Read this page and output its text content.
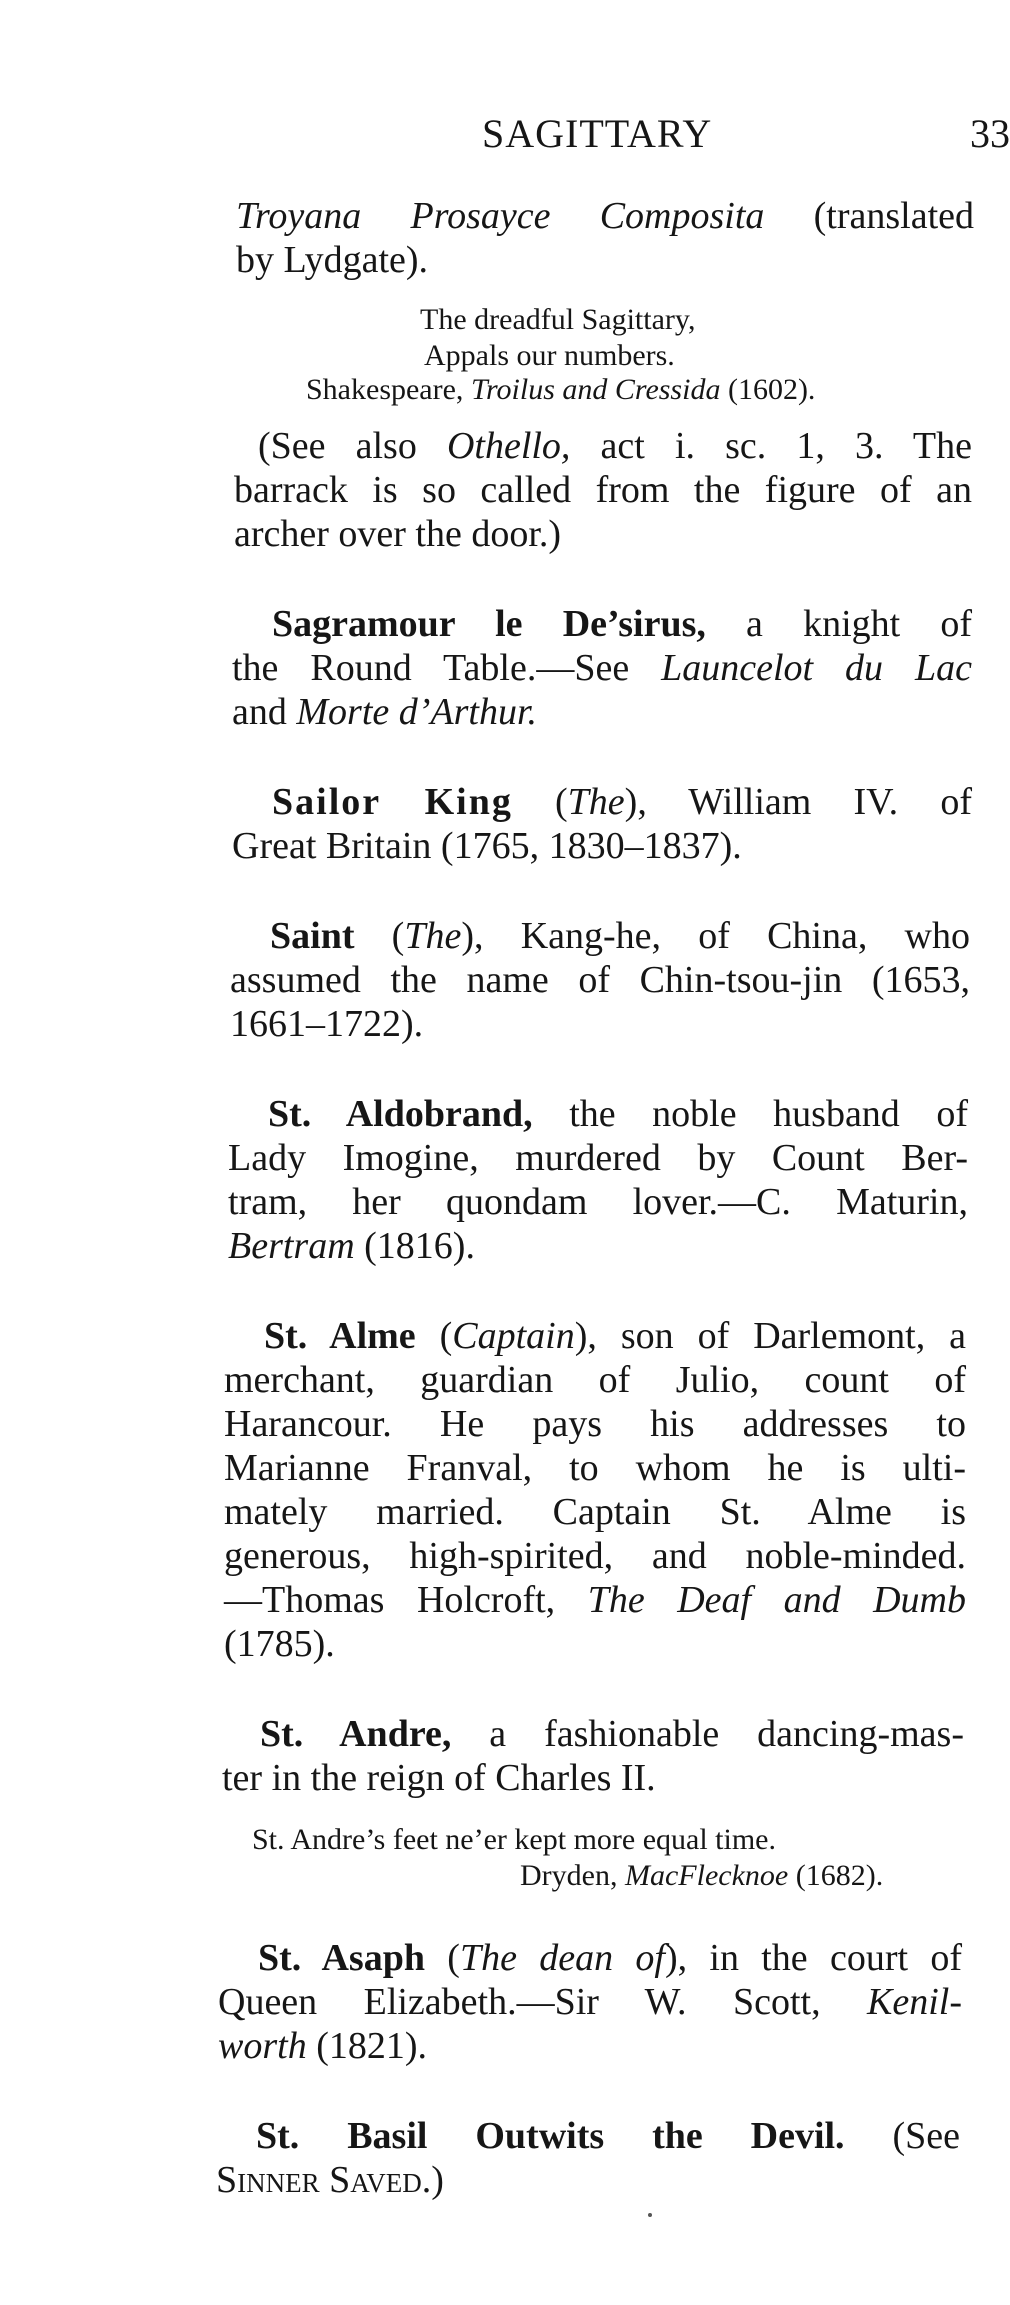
SAGITTARY	33
Troyana Prosayce Composita (translated
by Lydgate).
The dreadful Sagittary,
Appals our numbers.
Shakespeare, Troilus and Cressida (1602).
(See also Othello, act i. sc. 1, 3. The
barrack is so called from the figure of an
archer over the door.)
Sagramour le De’sirus, a knight of
the Round Table.—See Launcelot du Lac
and Morte d’Arthur.
Sailor King (The), William IV. of
Great Britain (1765, 1830–1837).
Saint (The), Kang-he, of China, who
assumed the name of Chin-tsou-jin (1653,
1661–1722).
St. Aldobrand, the noble husband of
Lady Imogine, murdered by Count Ber-
tram, her quondam lover.—C. Maturin,
Bertram (1816).
St. Alme (Captain), son of Darlemont, a
merchant, guardian of Julio, count of
Harancour. He pays his addresses to
Marianne Franval, to whom he is ulti-
mately married. Captain St. Alme is
generous, high-spirited, and noble-minded.
—Thomas Holcroft, The Deaf and Dumb
(1785).
St. Andre, a fashionable dancing-mas-
ter in the reign of Charles II.
St. Andre’s feet ne’er kept more equal time.
Dryden, MacFlecknoe (1682).
St. Asaph (The dean of), in the court of
Queen Elizabeth.—Sir W. Scott, Kenil-
worth (1821).
St. Basil Outwits the Devil. (See
Sinner Saved.)
